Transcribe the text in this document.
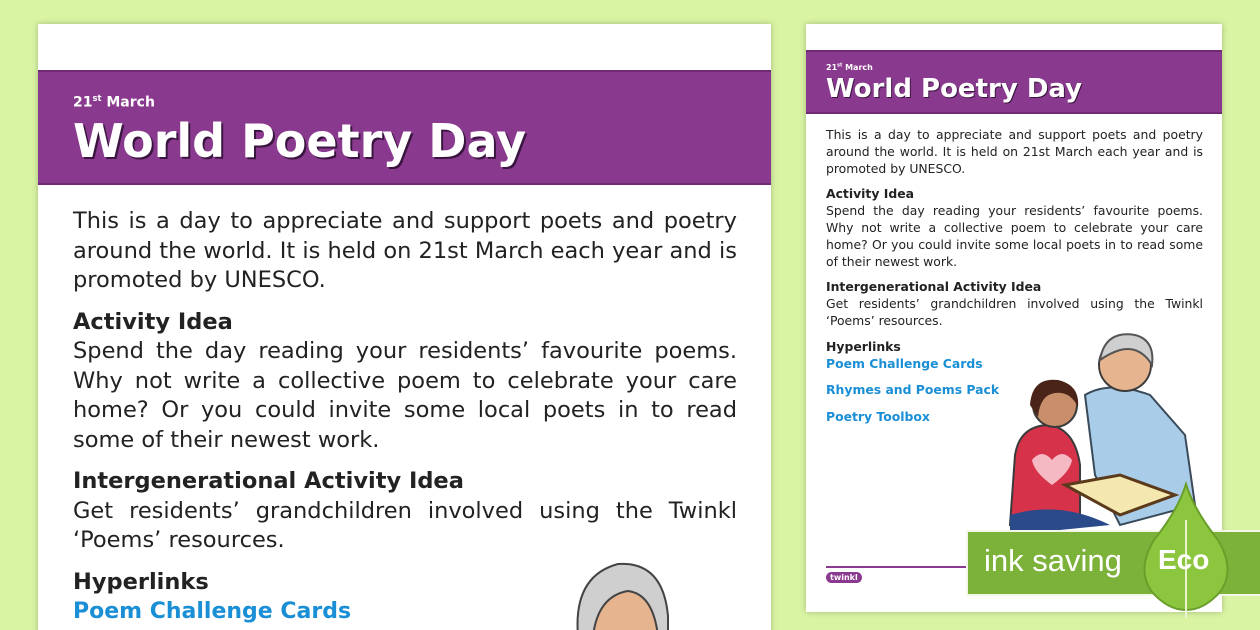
21st March
World Poetry Day

This is a day to appreciate and support poets and poetry around the world. It is held on 21st March each year and is promoted by UNESCO.

Activity Idea

Spend the day reading your residents’ favourite poems. Why not write a collective poem to celebrate your care home? Or you could invite some local poets in to read some of their newest work.

Intergenerational Activity Idea

Get residents’ grandchildren involved using the Twinkl ‘Poems’ resources.

Hyperlinks
Poem Challenge Cards
21st March
World Poetry Day

This is a day to appreciate and support poets and poetry around the world. It is held on 21st March each year and is promoted by UNESCO.

Activity Idea

Spend the day reading your residents’ favourite poems. Why not write a collective poem to celebrate your care home? Or you could invite some local poets in to read some of their newest work.

Intergenerational Activity Idea

Get residents’ grandchildren involved using the Twinkl ‘Poems’ resources.

Hyperlinks
Poem Challenge Cards
Rhymes and Poems Pack
Poetry Toolbox
twinkl	ink saving Eco
